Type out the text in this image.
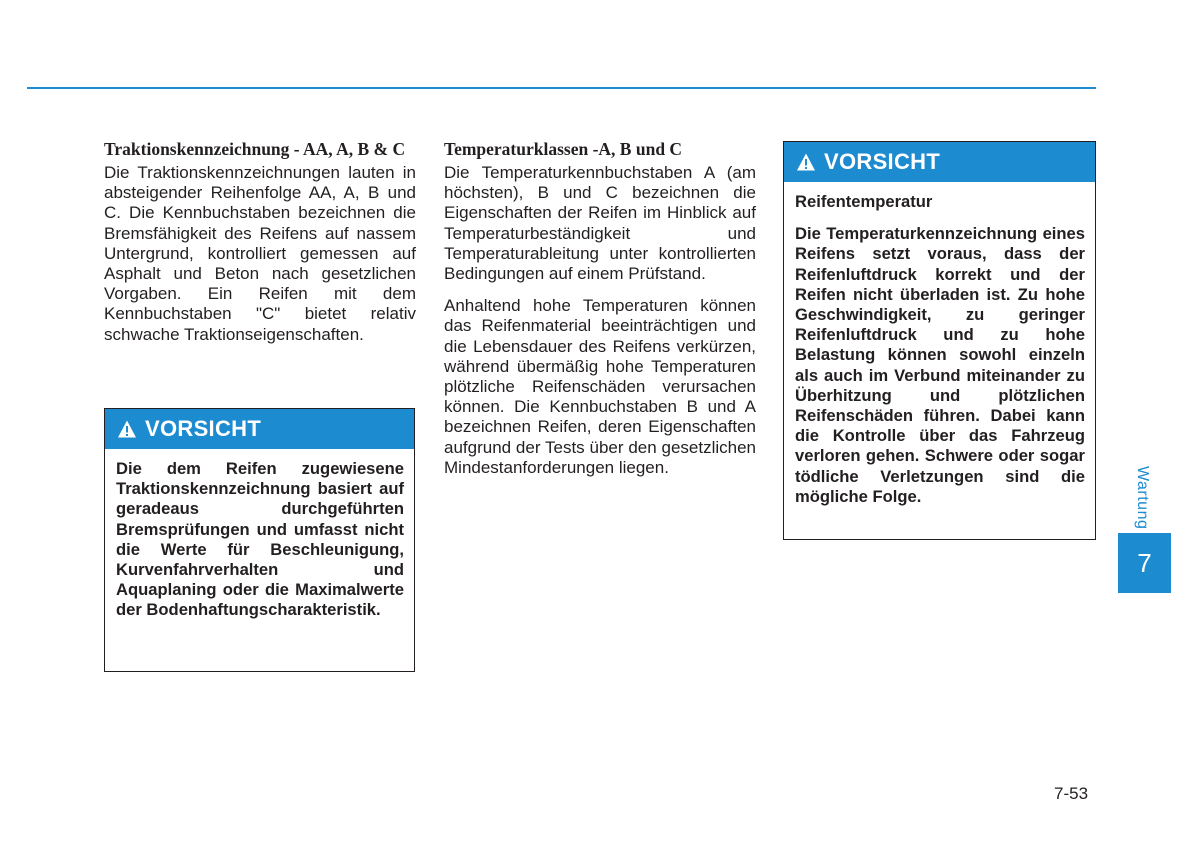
Traktionskennzeichnung - AA, A, B & C

Die Traktionskennzeichnungen lauten in absteigender Reihenfolge AA, A, B und C. Die Kennbuchstaben bezeichnen die Bremsfähigkeit des Reifens auf nassem Untergrund, kontrolliert gemessen auf Asphalt und Beton nach gesetzlichen Vorgaben. Ein Reifen mit dem Kennbuchstaben "C" bietet relativ schwache Traktionseigenschaften.

VORSICHT

Die dem Reifen zugewiesene Traktionskennzeichnung basiert auf geradeaus durchgeführten Bremsprüfungen und umfasst nicht die Werte für Beschleunigung, Kurvenfahrverhalten und Aquaplaning oder die Maximalwerte der Bodenhaftungscharakteristik.

Temperaturklassen -A, B und C

Die Temperaturkennbuchstaben A (am höchsten), B und C bezeichnen die Eigenschaften der Reifen im Hinblick auf Temperaturbeständigkeit und Temperaturableitung unter kontrollierten Bedingungen auf einem Prüfstand.

Anhaltend hohe Temperaturen können das Reifenmaterial beeinträchtigen und die Lebensdauer des Reifens verkürzen, während übermäßig hohe Temperaturen plötzliche Reifenschäden verursachen können. Die Kennbuchstaben B und A bezeichnen Reifen, deren Eigenschaften aufgrund der Tests über den gesetzlichen Mindestanforderungen liegen.

VORSICHT

Reifentemperatur

Die Temperaturkennzeichnung eines Reifens setzt voraus, dass der Reifenluftdruck korrekt und der Reifen nicht überladen ist. Zu hohe Geschwindigkeit, zu geringer Reifenluftdruck und zu hohe Belastung können sowohl einzeln als auch im Verbund miteinander zu Überhitzung und plötzlichen Reifenschäden führen. Dabei kann die Kontrolle über das Fahrzeug verloren gehen. Schwere oder sogar tödliche Verletzungen sind die mögliche Folge.	Wartung
7
7-53
